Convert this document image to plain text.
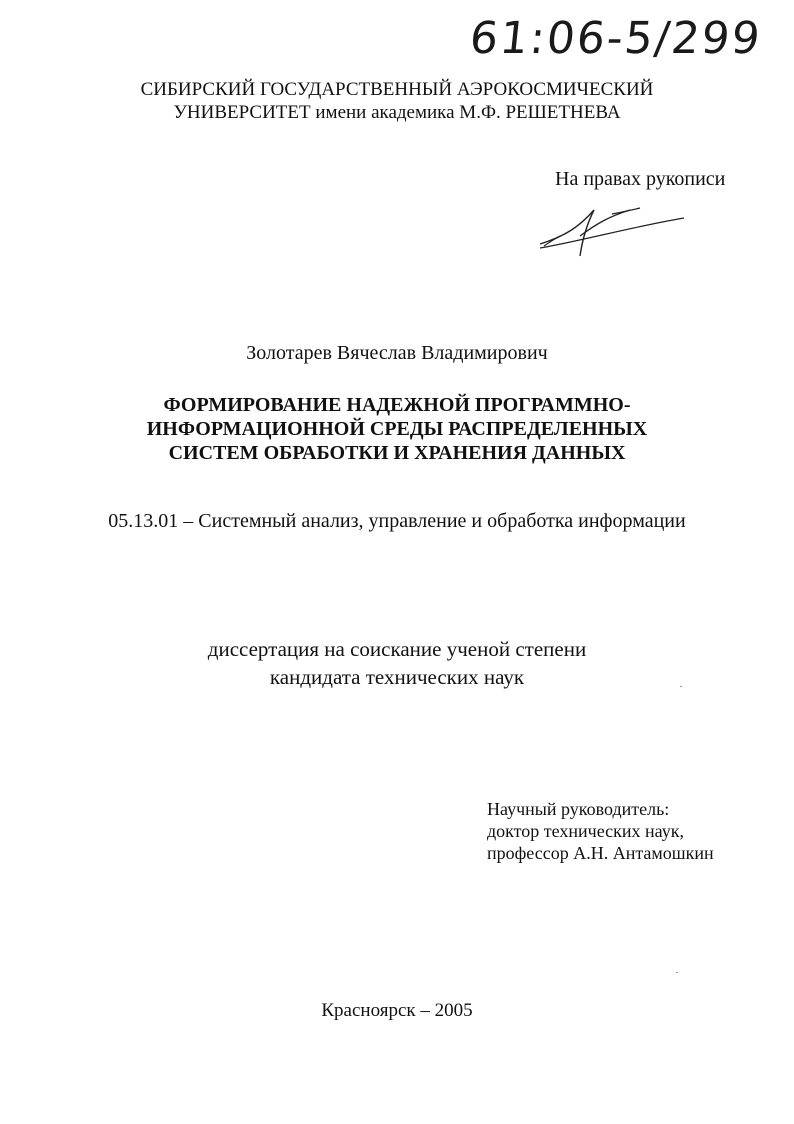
61:06-5/299
СИБИРСКИЙ ГОСУДАРСТВЕННЫЙ АЭРОКОСМИЧЕСКИЙ
УНИВЕРСИТЕТ имени академика М.Ф. РЕШЕТНЕВА
На правах рукописи
Золотарев Вячеслав Владимирович
ФОРМИРОВАНИЕ НАДЕЖНОЙ ПРОГРАММНО-
ИНФОРМАЦИОННОЙ СРЕДЫ РАСПРЕДЕЛЕННЫХ
СИСТЕМ ОБРАБОТКИ И ХРАНЕНИЯ ДАННЫХ
05.13.01 – Системный анализ, управление и обработка информации
диссертация на соискание ученой степени
кандидата технических наук
Научный руководитель:
доктор технических наук,
профессор А.Н. Антамошкин
Красноярск – 2005
